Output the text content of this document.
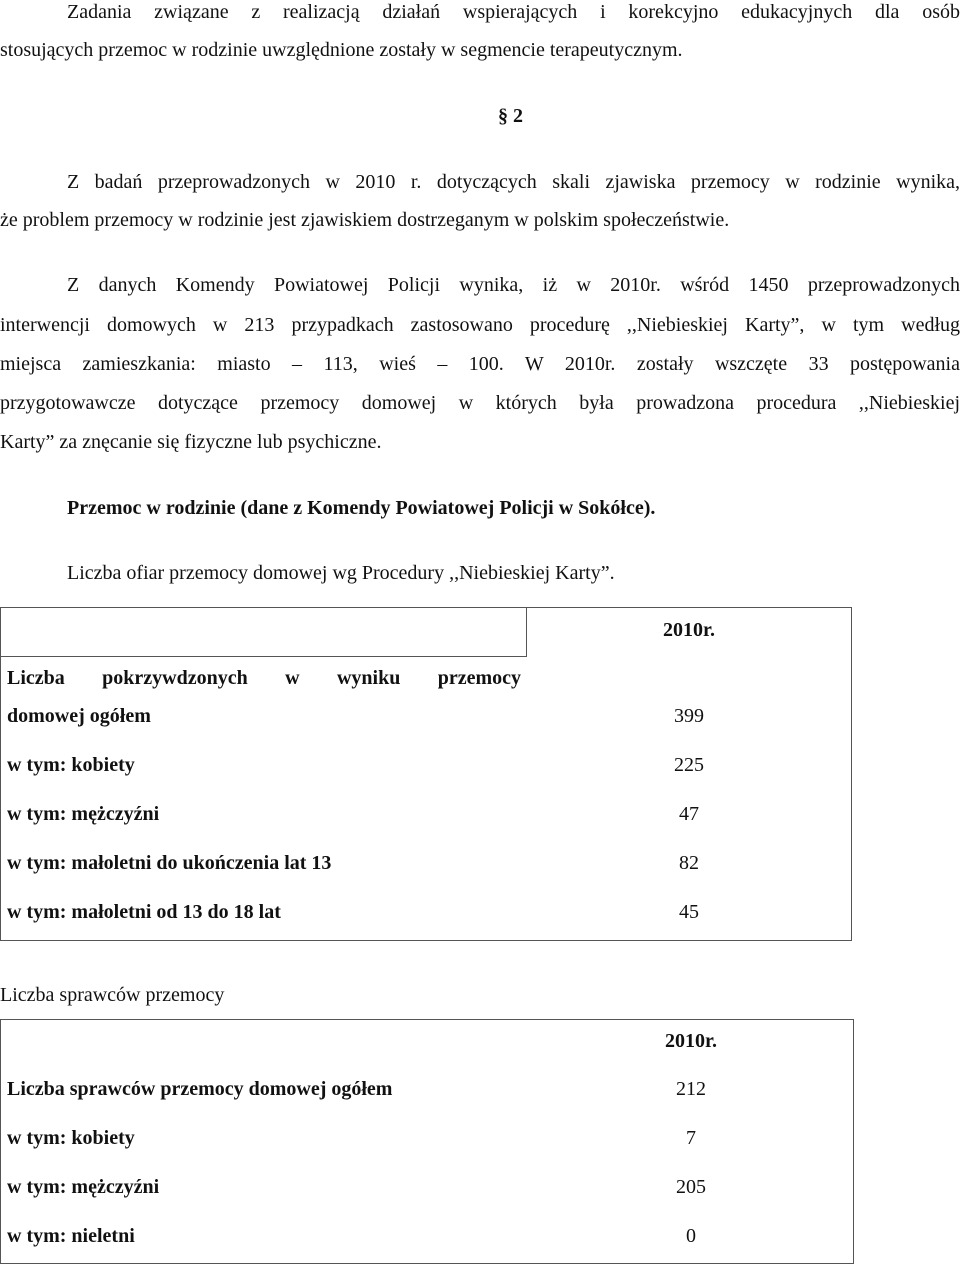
Zadania związane z realizacją działań wspierających i korekcyjno edukacyjnych dla osób
stosujących przemoc w rodzinie uwzględnione zostały w segmencie terapeutycznym.
§ 2
Z badań przeprowadzonych w 2010 r. dotyczących skali zjawiska przemocy w rodzinie wynika,
że problem przemocy w rodzinie jest zjawiskiem dostrzeganym w polskim społeczeństwie.
Z danych Komendy Powiatowej Policji wynika, iż w 2010r. wśród 1450 przeprowadzonych
interwencji domowych w 213 przypadkach zastosowano procedurę ,,Niebieskiej Karty”, w tym według
miejsca zamieszkania: miasto – 113, wieś – 100. W 2010r. zostały wszczęte 33 postępowania
przygotowawcze dotyczące przemocy domowej w których była prowadzona procedura ,,Niebieskiej
Karty” za znęcanie się fizyczne lub psychiczne.
Przemoc w rodzinie (dane z Komendy Powiatowej Policji w Sokółce).
Liczba ofiar przemocy domowej wg Procedury ,,Niebieskiej Karty”.
2010r.
Liczba pokrzywdzonych w wyniku przemocy
domowej ogółem	399
w tym: kobiety	225
w tym: mężczyźni	47
w tym: małoletni do ukończenia lat 13	82
w tym: małoletni od 13 do 18 lat	45
Liczba sprawców przemocy
2010r.
Liczba sprawców przemocy domowej ogółem	212
w tym: kobiety	7
w tym: mężczyźni	205
w tym: nieletni	0
